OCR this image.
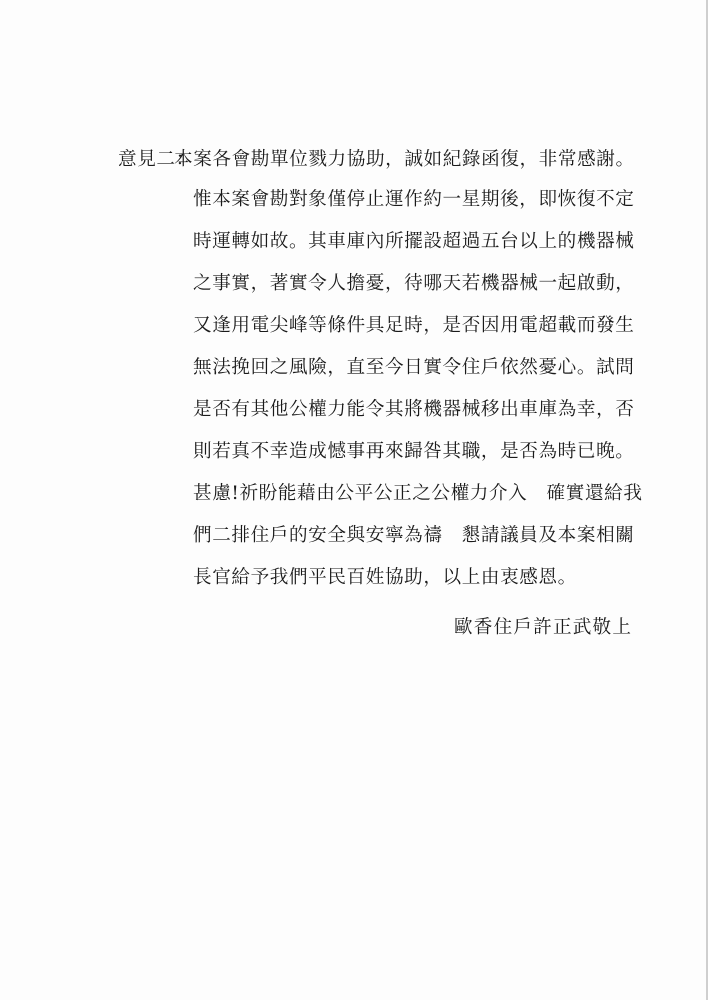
意見二：
本案各會勘單位戮力協助，誠如紀錄函復，非常感謝。
惟本案會勘對象僅停止運作約一星期後，即恢復不定
時運轉如故。其車庫內所擺設超過五台以上的機器械
之事實，著實令人擔憂，待哪天若機器械一起啟動，
又逢用電尖峰等條件具足時，是否因用電超載而發生
無法挽回之風險，直至今日實令住戶依然憂心。試問
是否有其他公權力能令其將機器械移出車庫為幸，否
則若真不幸造成憾事再來歸咎其職，是否為時已晚。
甚慮!祈盼能藉由公平公正之公權力介入　確實還給我
們二排住戶的安全與安寧為禱　懇請議員及本案相關
長官給予我們平民百姓協助，以上由衷感恩。
歐香住戶許正武敬上
